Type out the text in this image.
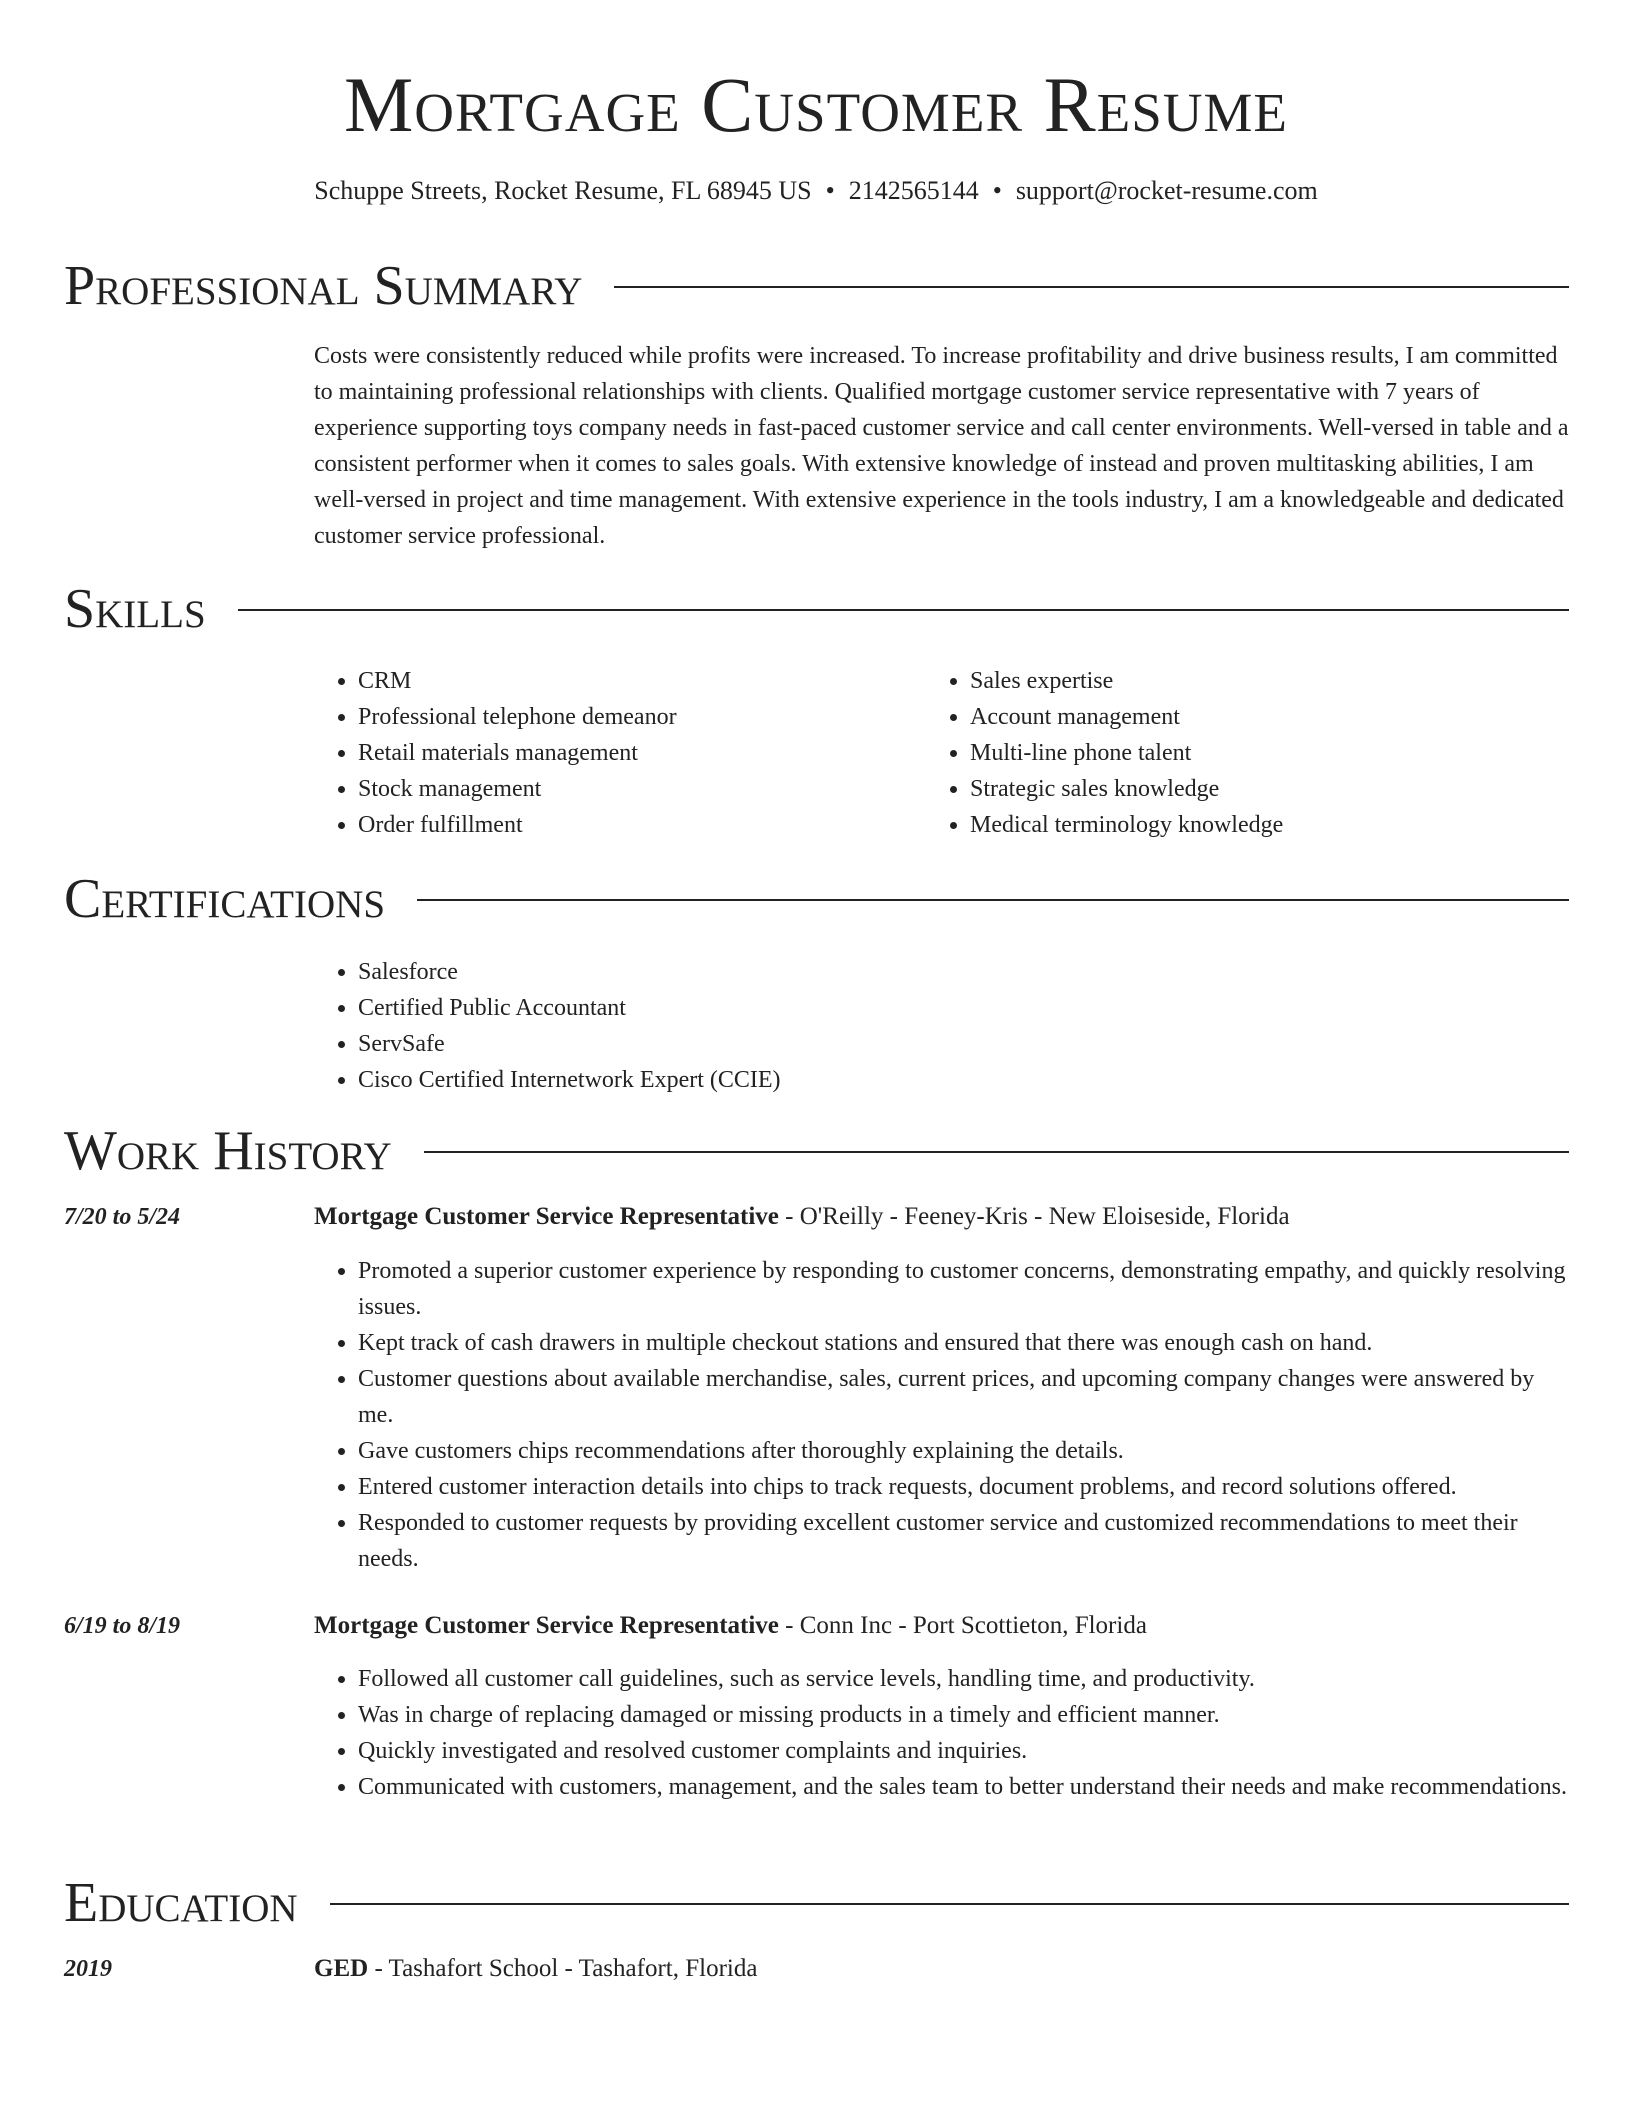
Mortgage Customer Resume
Schuppe Streets, Rocket Resume, FL 68945 US • 2142565144 • support@rocket-resume.com
Professional Summary

Costs were consistently reduced while profits were increased. To increase profitability and drive business results, I am committed to maintaining professional relationships with clients. Qualified mortgage customer service representative with 7 years of experience supporting toys company needs in fast-paced customer service and call center environments. Well-versed in table and a consistent performer when it comes to sales goals. With extensive knowledge of instead and proven multitasking abilities, I am well-versed in project and time management. With extensive experience in the tools industry, I am a knowledgeable and dedicated customer service professional.

Skills
• CRM
• Professional telephone demeanor
• Retail materials management
• Stock management
• Order fulfillment
• Sales expertise
• Account management
• Multi-line phone talent
• Strategic sales knowledge
• Medical terminology knowledge
Certifications
• Salesforce
• Certified Public Accountant
• ServSafe
• Cisco Certified Internetwork Expert (CCIE)
Work History
7/20 to 5/24	Mortgage Customer Service Representative - O'Reilly - Feeney-Kris - New Eloiseside, Florida
• Promoted a superior customer experience by responding to customer concerns, demonstrating empathy, and quickly resolving issues.
• Kept track of cash drawers in multiple checkout stations and ensured that there was enough cash on hand.
• Customer questions about available merchandise, sales, current prices, and upcoming company changes were answered by me.
• Gave customers chips recommendations after thoroughly explaining the details.
• Entered customer interaction details into chips to track requests, document problems, and record solutions offered.
• Responded to customer requests by providing excellent customer service and customized recommendations to meet their needs.
6/19 to 8/19	Mortgage Customer Service Representative - Conn Inc - Port Scottieton, Florida
• Followed all customer call guidelines, such as service levels, handling time, and productivity.
• Was in charge of replacing damaged or missing products in a timely and efficient manner.
• Quickly investigated and resolved customer complaints and inquiries.
• Communicated with customers, management, and the sales team to better understand their needs and make recommendations.
Education
2019	GED - Tashafort School - Tashafort, Florida
